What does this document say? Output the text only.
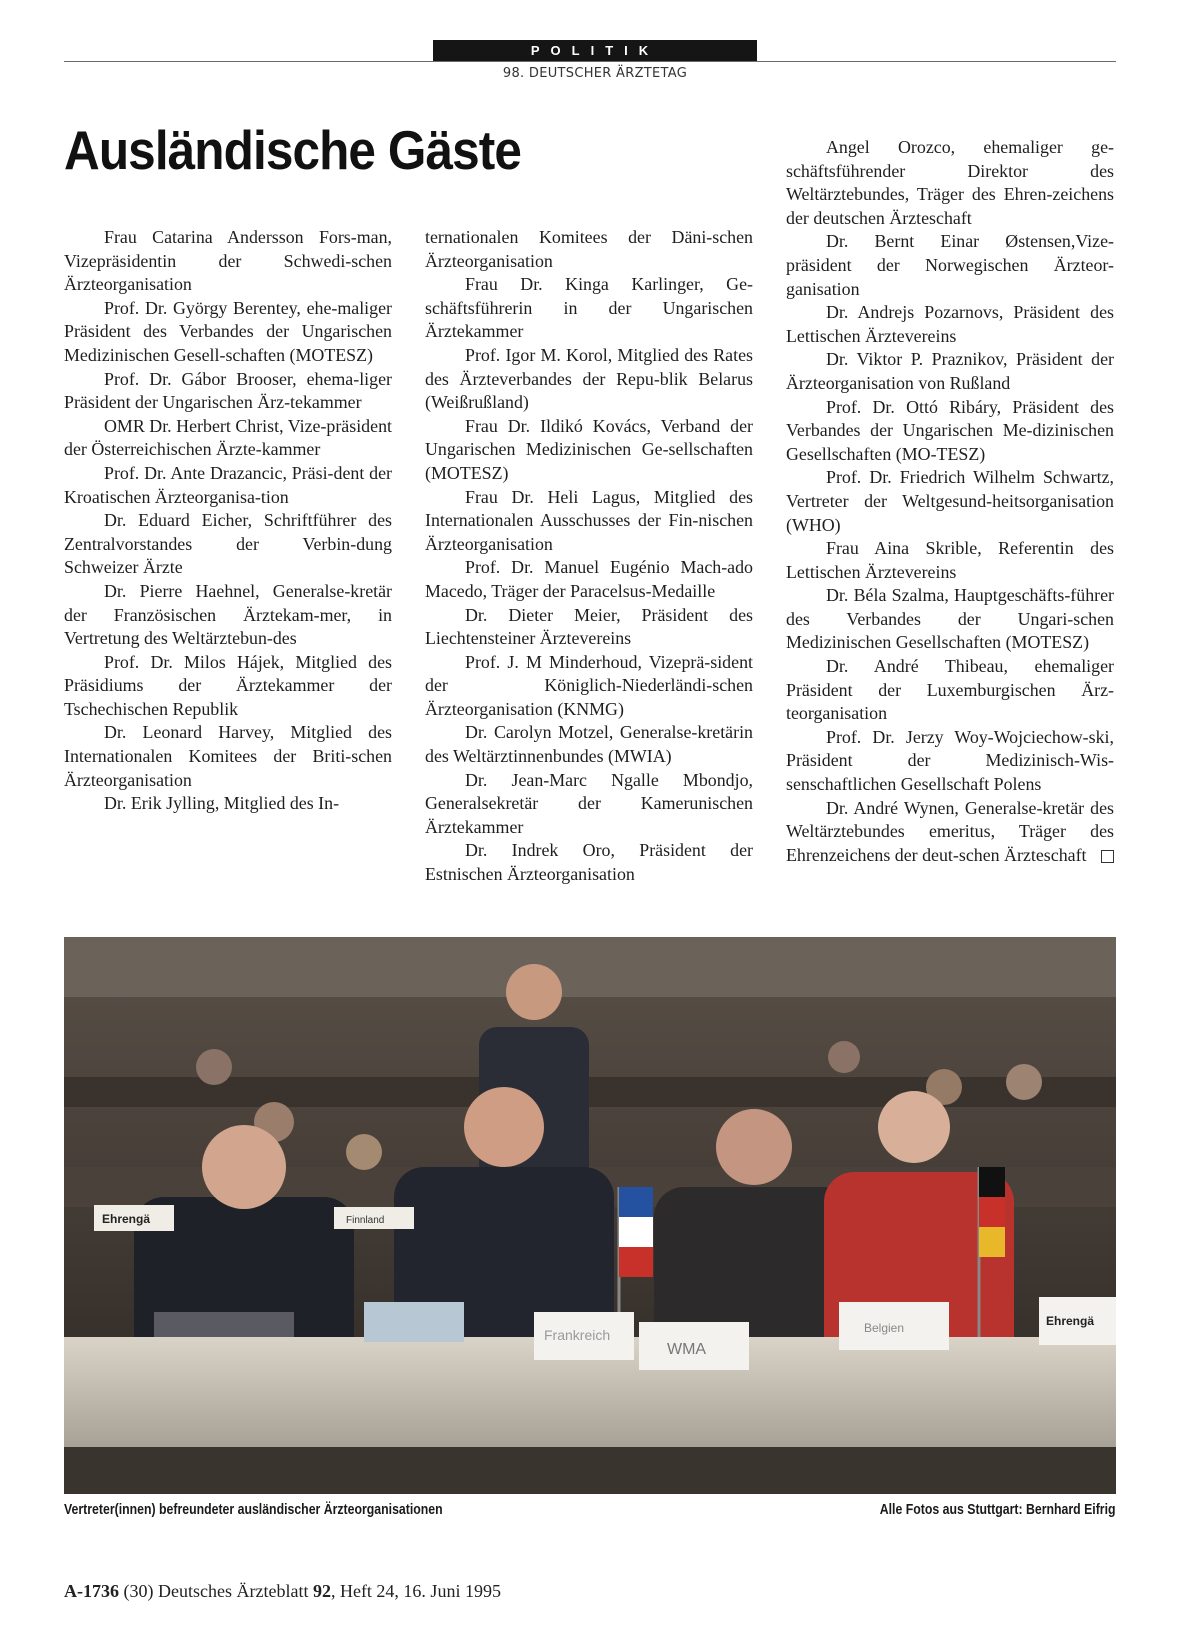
POLITIK
98. DEUTSCHER ÄRZTETAG
Ausländische Gäste

Frau Catarina Andersson Fors-man, Vizepräsidentin der Schwedi-schen Ärzteorganisation

Prof. Dr. György Berentey, ehe-maliger Präsident des Verbandes der Ungarischen Medizinischen Gesell-schaften (MOTESZ)

Prof. Dr. Gábor Brooser, ehema-liger Präsident der Ungarischen Ärz-tekammer

OMR Dr. Herbert Christ, Vize-präsident der Österreichischen Ärzte-kammer

Prof. Dr. Ante Drazancic, Präsi-dent der Kroatischen Ärzteorganisa-tion

Dr. Eduard Eicher, Schriftführer des Zentralvorstandes der Verbin-dung Schweizer Ärzte

Dr. Pierre Haehnel, Generalse-kretär der Französischen Ärztekam-mer, in Vertretung des Weltärztebun-des

Prof. Dr. Milos Hájek, Mitglied des Präsidiums der Ärztekammer der Tschechischen Republik

Dr. Leonard Harvey, Mitglied des Internationalen Komitees der Briti-schen Ärzteorganisation

Dr. Erik Jylling, Mitglied des In-

ternationalen Komitees der Däni-schen Ärzteorganisation

Frau Dr. Kinga Karlinger, Ge-schäftsführerin in der Ungarischen Ärztekammer

Prof. Igor M. Korol, Mitglied des Rates des Ärzteverbandes der Repu-blik Belarus (Weißrußland)

Frau Dr. Ildikó Kovács, Verband der Ungarischen Medizinischen Ge-sellschaften (MOTESZ)

Frau Dr. Heli Lagus, Mitglied des Internationalen Ausschusses der Fin-nischen Ärzteorganisation

Prof. Dr. Manuel Eugénio Mach-ado Macedo, Träger der Paracelsus-Medaille

Dr. Dieter Meier, Präsident des Liechtensteiner Ärztevereins

Prof. J. M Minderhoud, Vizeprä-sident der Königlich-Niederländi-schen Ärzteorganisation (KNMG)

Dr. Carolyn Motzel, Generalse-kretärin des Weltärztinnenbundes (MWIA)

Dr. Jean-Marc Ngalle Mbondjo, Generalsekretär der Kamerunischen Ärztekammer

Dr. Indrek Oro, Präsident der Estnischen Ärzteorganisation

Angel Orozco, ehemaliger ge-schäftsführender Direktor des Weltärztebundes, Träger des Ehren-zeichens der deutschen Ärzteschaft

Dr. Bernt Einar Østensen,Vize-präsident der Norwegischen Ärzteor-ganisation

Dr. Andrejs Pozarnovs, Präsident des Lettischen Ärztevereins

Dr. Viktor P. Praznikov, Präsident der Ärzteorganisation von Rußland

Prof. Dr. Ottó Ribáry, Präsident des Verbandes der Ungarischen Me-dizinischen Gesellschaften (MO-TESZ)

Prof. Dr. Friedrich Wilhelm Schwartz, Vertreter der Weltgesund-heitsorganisation (WHO)

Frau Aina Skrible, Referentin des Lettischen Ärztevereins

Dr. Béla Szalma, Hauptgeschäfts-führer des Verbandes der Ungari-schen Medizinischen Gesellschaften (MOTESZ)

Dr. André Thibeau, ehemaliger Präsident der Luxemburgischen Ärz-teorganisation

Prof. Dr. Jerzy Woy-Wojciechow-ski, Präsident der Medizinisch-Wis-senschaftlichen Gesellschaft Polens

Dr. André Wynen, Generalse-kretär des Weltärztebundes emeritus, Träger des Ehrenzeichens der deut-schen Ärzteschaft

Ehrengä	Finnland
Frankreich
WMA
Belgien	Ehrengä
Vertreter(innen) befreundeter ausländischer Ärzteorganisationen	Alle Fotos aus Stuttgart: Bernhard Eifrig
A-1736 (30) Deutsches Ärzteblatt 92, Heft 24, 16. Juni 1995
